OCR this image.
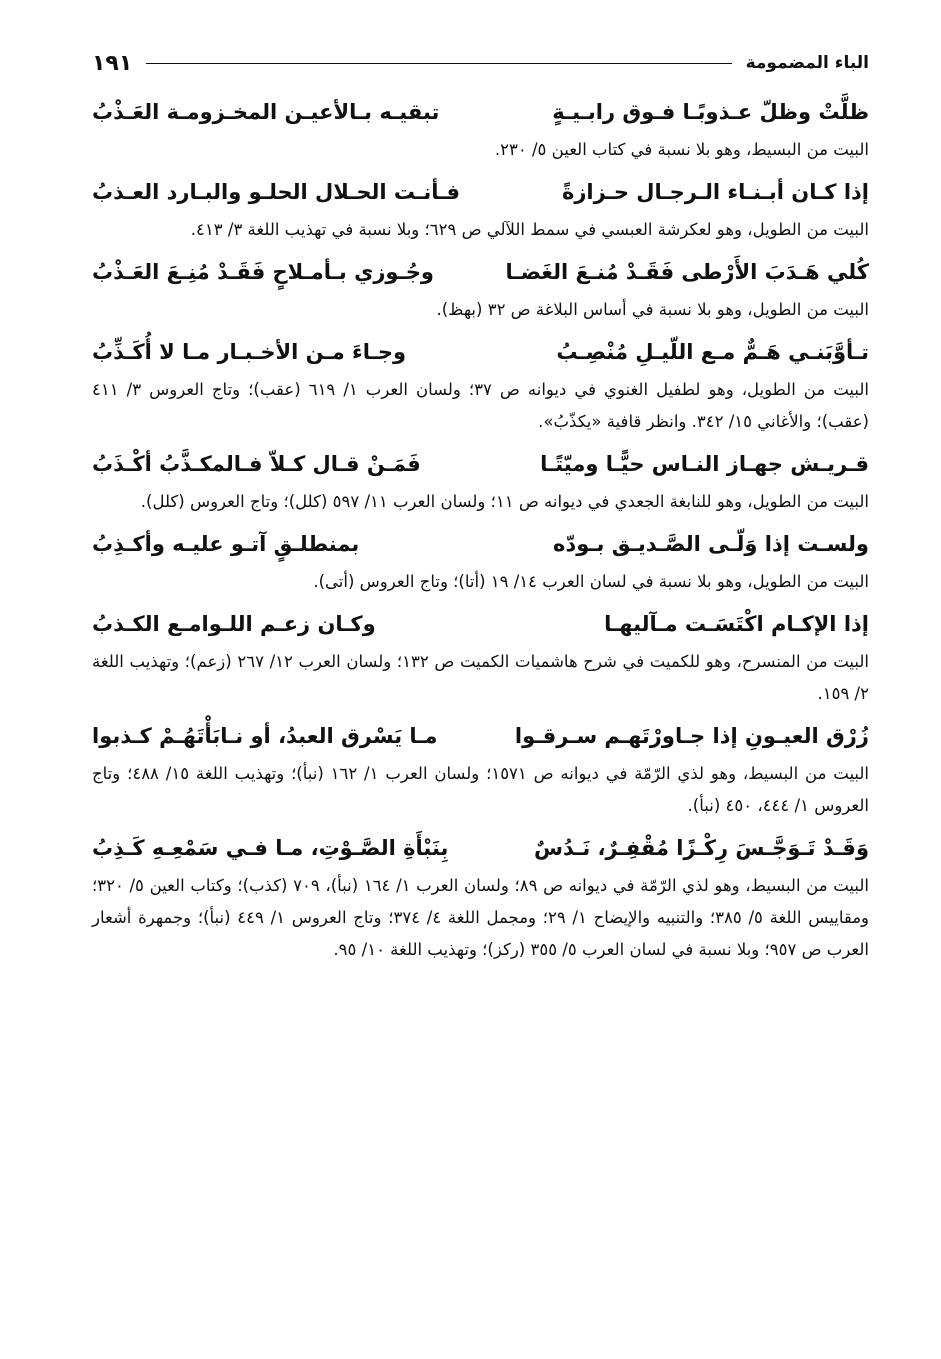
الباء المضمومة
١٩١
ظلَّتْ وظلّ عـذوبًـا فـوق رابـيـةٍ
تبقيـه بـالأعيـن المخـزومـة العَـذْبُ
البيت من البسيط، وهو بلا نسبة في كتاب العين ٥/ ٢٣٠.
إذا كـان أبـنـاء الـرجـال حـزازةً
فـأنـت الحـلال الحلـو والبـارد العـذبُ
البيت من الطويل، وهو لعكرشة العبسي في سمط اللآلي ص ٦٢٩؛ وبلا نسبة في تهذيب اللغة ٣/ ٤١٣.
كُلي هَـدَبَ الأَرْطى فَقَـدْ مُنـعَ الغَضـا
وجُـوزي بـأمـلاحٍ فَقَـدْ مُنِـعَ العَـذْبُ
البيت من الطويل، وهو بلا نسبة في أساس البلاغة ص ٣٢ (بهظ).
تـأوَّبَنـي هَـمٌّ مـع اللّيـلِ مُنْصِـبُ
وجـاءَ مـن الأخـبـار مـا لا أُكَـذِّبُ
البيت من الطويل، وهو لطفيل الغنوي في ديوانه ص ٣٧؛ ولسان العرب ١/ ٦١٩ (عقب)؛ وتاج العروس ٣/ ٤١١ (عقب)؛ والأغاني ١٥/ ٣٤٢. وانظر قافية «يكذّبُ».
قـريـش جهـاز النـاس حيًّـا وميّتًـا
فَمَـنْ قـال كـلاّ فـالمكـذَّبُ أكْـذَبُ
البيت من الطويل، وهو للنابغة الجعدي في ديوانه ص ١١؛ ولسان العرب ١١/ ٥٩٧ (كلل)؛ وتاج العروس (كلل).
ولسـت إذا وَلّـى الصَّـديـق بـودّه
بمنطلـقٍ آتـو عليـه وأكـذِبُ
البيت من الطويل، وهو بلا نسبة في لسان العرب ١٤/ ١٩ (أتا)؛ وتاج العروس (أتى).
إذا الإكـام اكْتَسَـت مـآليهـا
وكـان زعـم اللـوامـع الكـذبُ
البيت من المنسرح، وهو للكميت في شرح هاشميات الكميت ص ١٣٢؛ ولسان العرب ١٢/ ٢٦٧ (زعم)؛ وتهذيب اللغة ٢/ ١٥٩.
زُرْق العيـونِ إذا جـاورْتَهـم سـرقـوا
مـا يَسْرق العبدُ، أو نـابَأْتَهُـمْ كـذبوا
البيت من البسيط، وهو لذي الرّمّة في ديوانه ص ١٥٧١؛ ولسان العرب ١/ ١٦٢ (نبأ)؛ وتهذيب اللغة ١٥/ ٤٨٨؛ وتاج العروس ١/ ٤٤٤، ٤٥٠ (نبأ).
وَقَـدْ تَـوَجَّـسَ رِكْـزًا مُقْفِـرٌ، نَـدُسٌ
بِنَبْأَةِ الصَّـوْتِ، مـا فـي سَمْعِـهِ كَـذِبُ
البيت من البسيط، وهو لذي الرّمّة في ديوانه ص ٨٩؛ ولسان العرب ١/ ١٦٤ (نبأ)، ٧٠٩ (كذب)؛ وكتاب العين ٥/ ٣٢٠؛ ومقاييس اللغة ٥/ ٣٨٥؛ والتنبيه والإيضاح ١/ ٢٩؛ ومجمل اللغة ٤/ ٣٧٤؛ وتاج العروس ١/ ٤٤٩ (نبأ)؛ وجمهرة أشعار العرب ص ٩٥٧؛ وبلا نسبة في لسان العرب ٥/ ٣٥٥ (ركز)؛ وتهذيب اللغة ١٠/ ٩٥.
